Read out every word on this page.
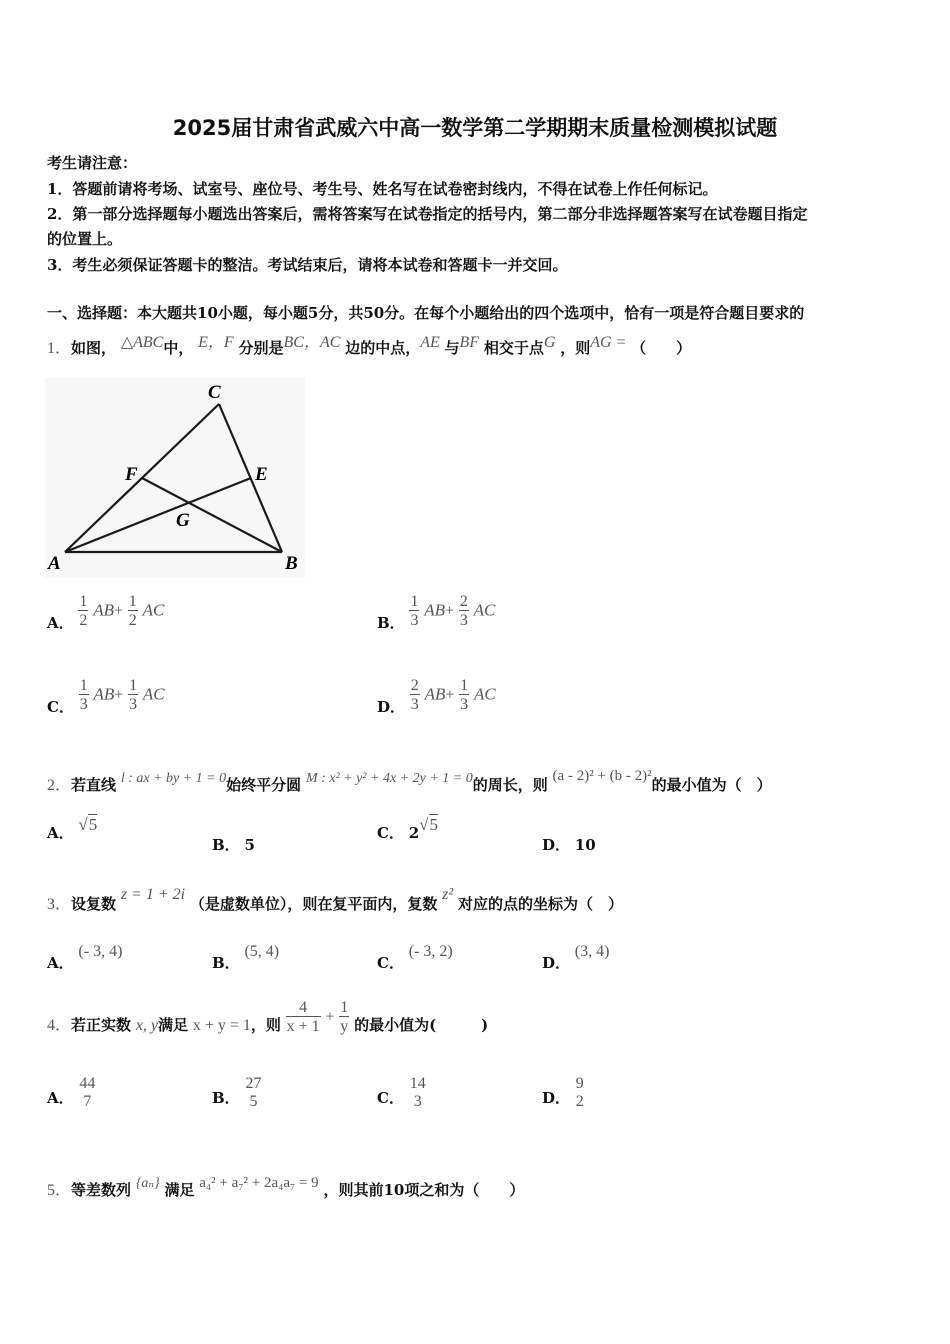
2025届甘肃省武威六中高一数学第二学期期末质量检测模拟试题
考生请注意：
1．答题前请将考场、试室号、座位号、考生号、姓名写在试卷密封线内，不得在试卷上作任何标记。
2．第一部分选择题每小题选出答案后，需将答案写在试卷指定的括号内，第二部分非选择题答案写在试卷题目指定
的位置上。
3．考生必须保证答题卡的整洁。考试结束后，请将本试卷和答题卡一并交回。
一、选择题：本大题共10小题，每小题5分，共50分。在每个小题给出的四个选项中，恰有一项是符合题目要求的
1．如图， △ABC中， E，F 分别是BC，AC 边的中点，AE 与BF 相交于点G ，则AG = （　　）
C
F	E
G
A	B
A． $\frac{1}{2} AB+ \frac{1}{2}$ AC
B． $\frac{1}{3} AB+ \frac{2}{3}$ AC
C． $\frac{1}{3} AB+ \frac{1}{3}$ AC
D． $\frac{2}{3} AB+ \frac{1}{3}$ AC
2．若直线 l : ax + by + 1 = 0始终平分圆 M : x² + y² + 4x + 2y + 1 = 0的周长，则 (a - 2)² + (b - 2)²的最小值为（　）
A． √5
B． 5
C． 2√5
D． 10
3．设复数 z = 1 + 2i （是虚数单位），则在复平面内，复数 z² 对应的点的坐标为（　）
A． (- 3, 4)
B． (5, 4)
C． (- 3, 2)
D． (3, 4)
4．若正实数 x, y满足 x + y = 1，则 $\frac{4}{x + 1} + \frac{1}{y}$ 的最小值为(　　　)
A．
44
7	B．
27
5	C．
14
3	D．
9
2
5．等差数列 {aₙ} 满足 a₄² + a₇² + 2a₄a₇ = 9 ，则其前10项之和为（　　）
